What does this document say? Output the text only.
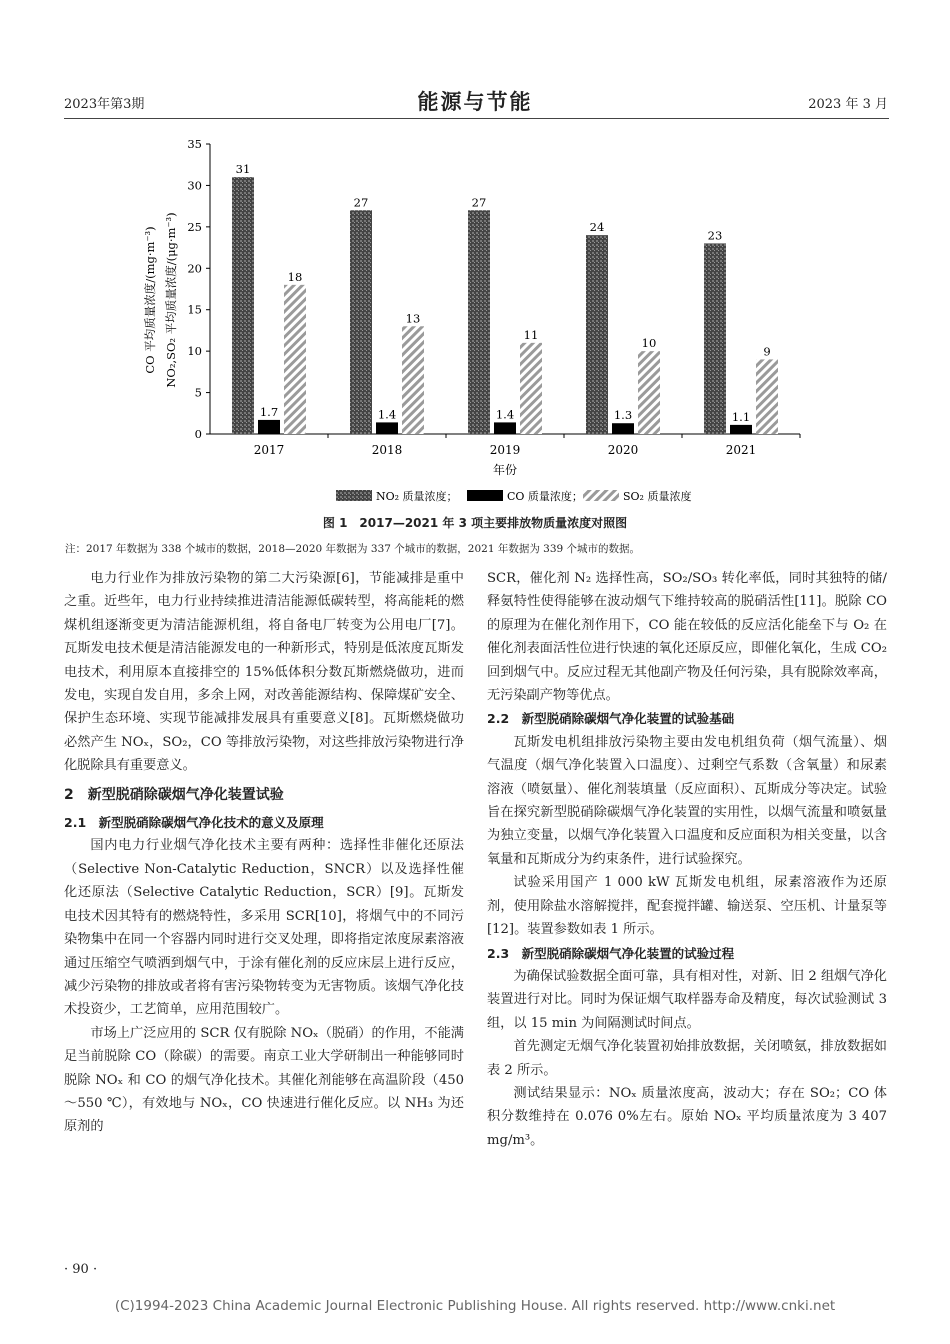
2023年第3期	能源与节能	2023 年 3 月
0
5
10
15
20
25
30
35
31
1.7
18
2017
27
1.4
13
2018
27
1.4
11
2019
24
1.3
10
2020
23
1.1
9
2021
CO 平均质量浓度/(mg·m⁻³) NO₂,SO₂ 平均质量浓度/(μg·m⁻³)
年份
NO₂ 质量浓度；	CO 质量浓度；	SO₂ 质量浓度
图 1　2017—2021 年 3 项主要排放物质量浓度对照图
注：2017 年数据为 338 个城市的数据，2018—2020 年数据为 337 个城市的数据，2021 年数据为 339 个城市的数据。

电力行业作为排放污染物的第二大污染源[6]，节能减排是重中之重。近些年，电力行业持续推进清洁能源低碳转型，将高能耗的燃煤机组逐渐变更为清洁能源机组，将自备电厂转变为公用电厂[7]。瓦斯发电技术便是清洁能源发电的一种新形式，特别是低浓度瓦斯发电技术，利用原本直接排空的 15%低体积分数瓦斯燃烧做功，进而发电，实现自发自用，多余上网，对改善能源结构、保障煤矿安全、保护生态环境、实现节能减排发展具有重要意义[8]。瓦斯燃烧做功必然产生 NOₓ，SO₂，CO 等排放污染物，对这些排放污染物进行净化脱除具有重要意义。

2　新型脱硝除碳烟气净化装置试验
2.1　新型脱硝除碳烟气净化技术的意义及原理

国内电力行业烟气净化技术主要有两种：选择性非催化还原法（Selective Non-Catalytic Reduction，SNCR）以及选择性催化还原法（Selective Catalytic Reduction，SCR）[9]。瓦斯发电技术因其特有的燃烧特性，多采用 SCR[10]，将烟气中的不同污染物集中在同一个容器内同时进行交叉处理，即将指定浓度尿素溶液通过压缩空气喷洒到烟气中，于涂有催化剂的反应床层上进行反应，减少污染物的排放或者将有害污染物转变为无害物质。该烟气净化技术投资少，工艺简单，应用范围较广。

市场上广泛应用的 SCR 仅有脱除 NOₓ（脱硝）的作用，不能满足当前脱除 CO（除碳）的需要。南京工业大学研制出一种能够同时脱除 NOₓ 和 CO 的烟气净化技术。其催化剂能够在高温阶段（450～550 ℃），有效地与 NOₓ，CO 快速进行催化反应。以 NH₃ 为还原剂的

SCR，催化剂 N₂ 选择性高，SO₂/SO₃ 转化率低，同时其独特的储/释氨特性使得能够在波动烟气下维持较高的脱硝活性[11]。脱除 CO 的原理为在催化剂作用下，CO 能在较低的反应活化能垒下与 O₂ 在催化剂表面活性位进行快速的氧化还原反应，即催化氧化，生成 CO₂ 回到烟气中。反应过程无其他副产物及任何污染，具有脱除效率高，无污染副产物等优点。

2.2　新型脱硝除碳烟气净化装置的试验基础

瓦斯发电机组排放污染物主要由发电机组负荷（烟气流量）、烟气温度（烟气净化装置入口温度）、过剩空气系数（含氧量）和尿素溶液（喷氨量）、催化剂装填量（反应面积）、瓦斯成分等决定。试验旨在探究新型脱硝除碳烟气净化装置的实用性，以烟气流量和喷氨量为独立变量，以烟气净化装置入口温度和反应面积为相关变量，以含氧量和瓦斯成分为约束条件，进行试验探究。

试验采用国产 1 000 kW 瓦斯发电机组，尿素溶液作为还原剂，使用除盐水溶解搅拌，配套搅拌罐、输送泵、空压机、计量泵等[12]。装置参数如表 1 所示。

2.3　新型脱硝除碳烟气净化装置的试验过程

为确保试验数据全面可靠，具有相对性，对新、旧 2 组烟气净化装置进行对比。同时为保证烟气取样器寿命及精度，每次试验测试 3 组，以 15 min 为间隔测试时间点。

首先测定无烟气净化装置初始排放数据，关闭喷氨，排放数据如表 2 所示。

测试结果显示：NOₓ 质量浓度高，波动大；存在 SO₂；CO 体积分数维持在 0.076 0%左右。原始 NOₓ 平均质量浓度为 3 407 mg/m³。

· 90 ·
(C)1994-2023 China Academic Journal Electronic Publishing House. All rights reserved. http://www.cnki.net
